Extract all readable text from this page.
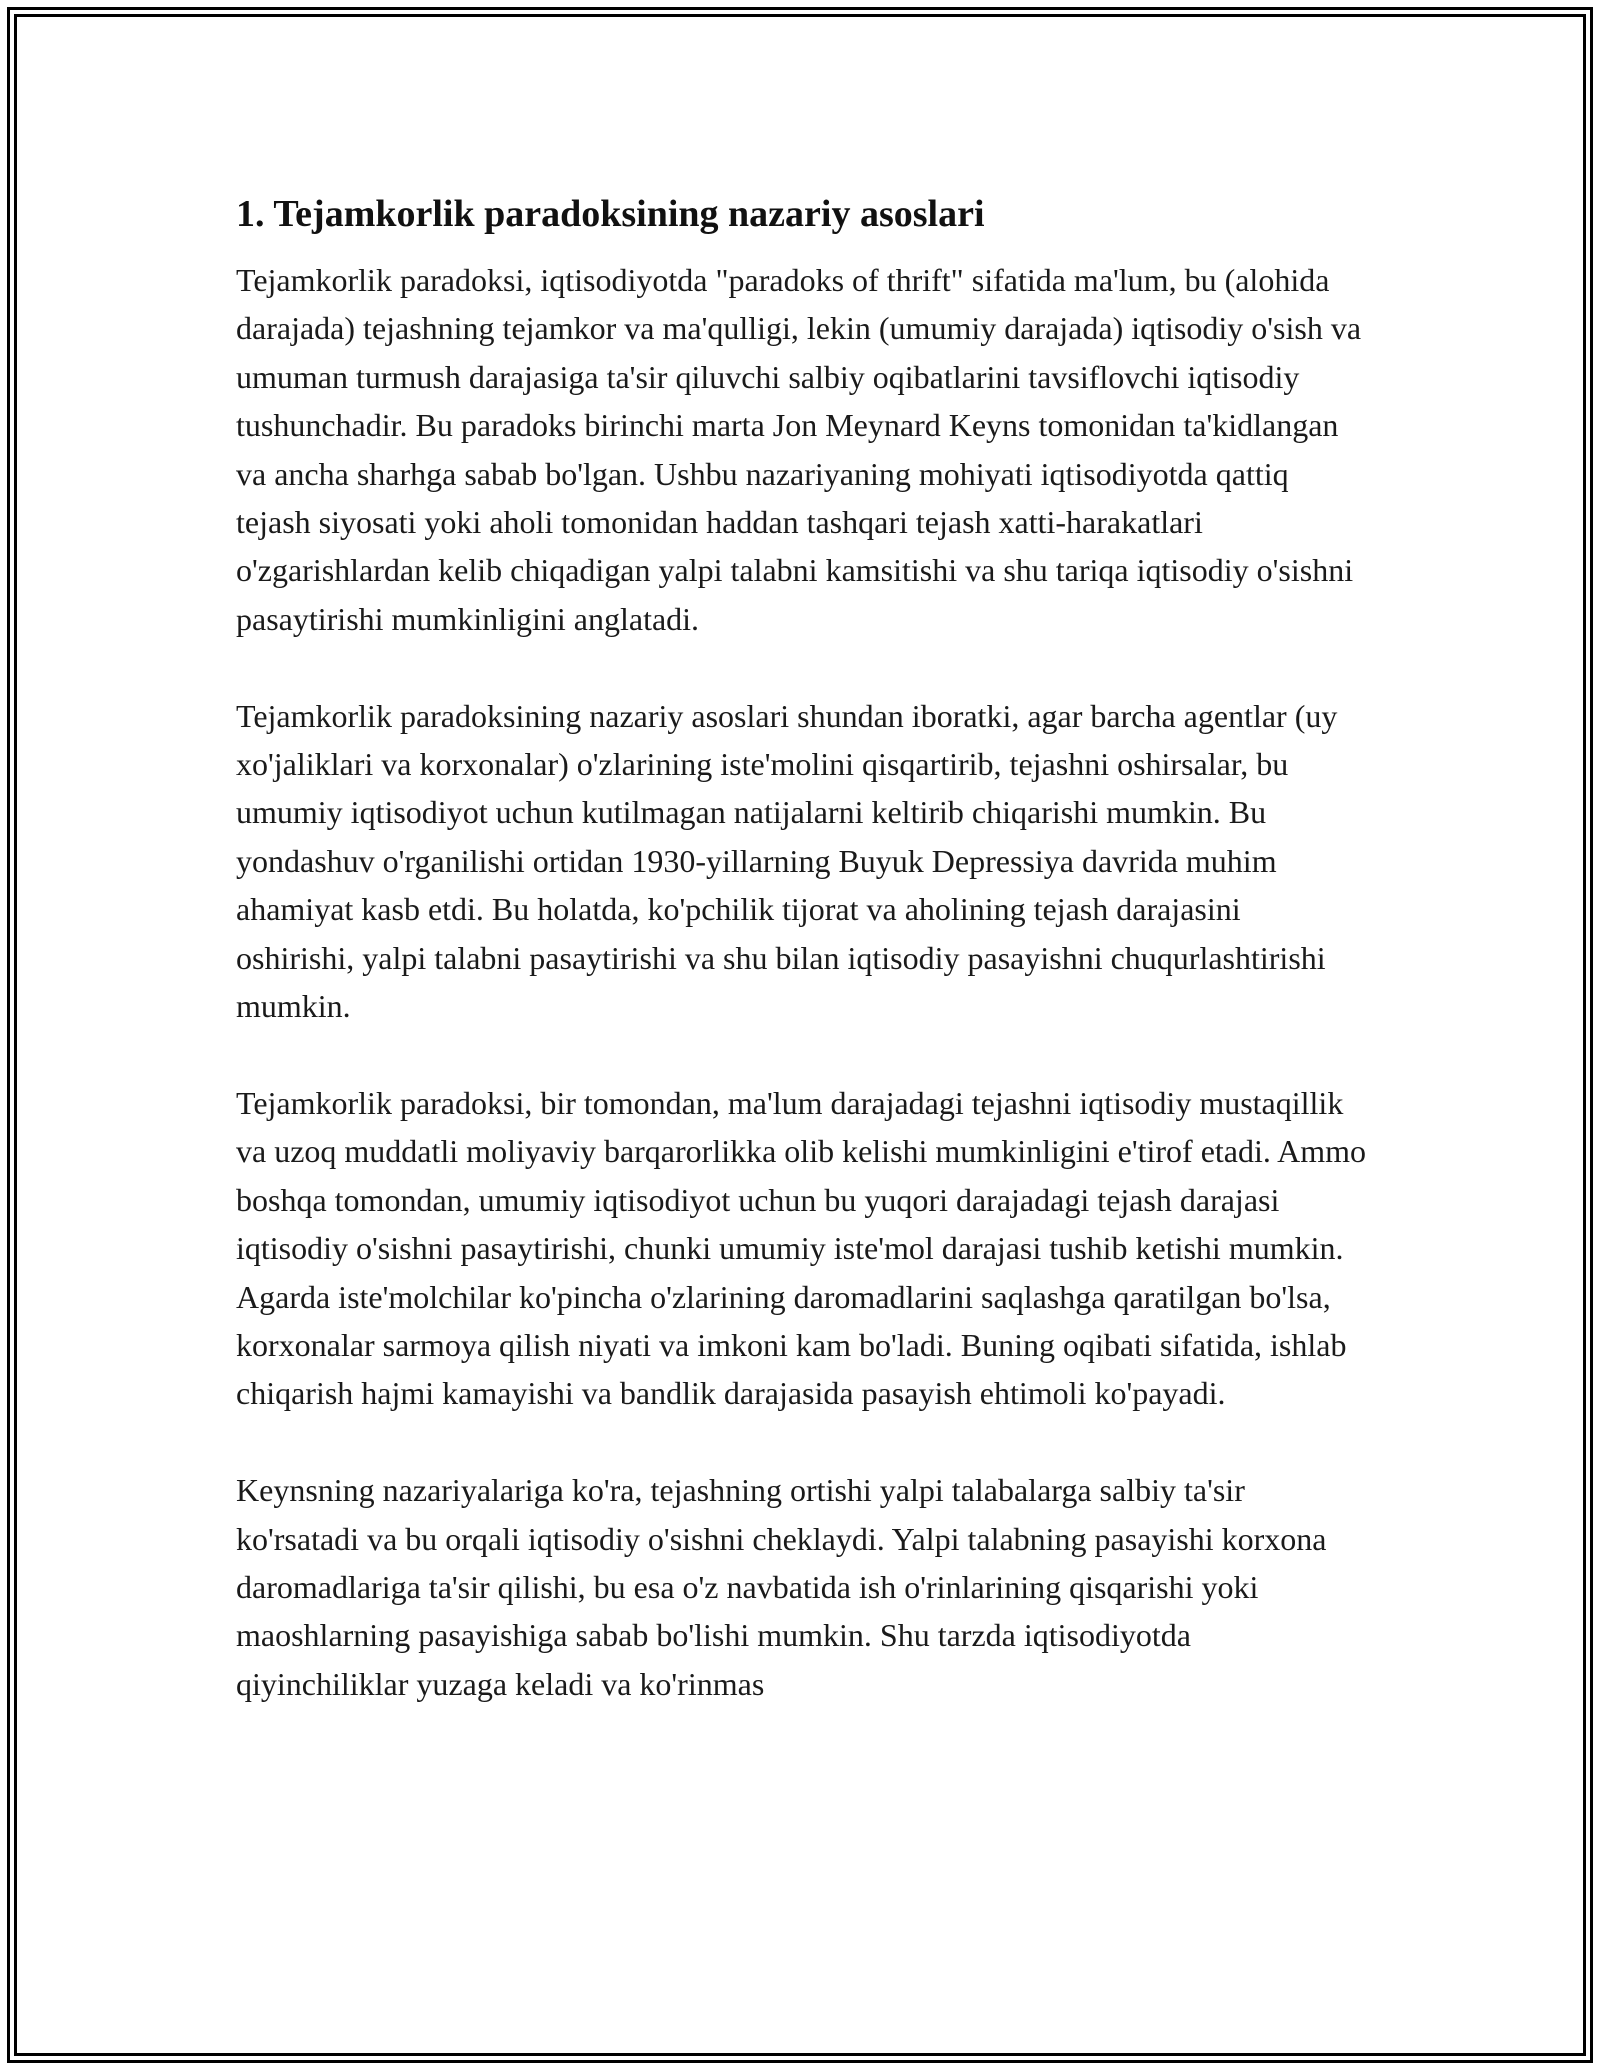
1. Tejamkorlik paradoksining nazariy asoslari

Tejamkorlik paradoksi, iqtisodiyotda "paradoks of thrift" sifatida ma'lum, bu (alohida darajada) tejashning tejamkor va ma'qulligi, lekin (umumiy darajada) iqtisodiy o'sish va umuman turmush darajasiga ta'sir qiluvchi salbiy oqibatlarini tavsiflovchi iqtisodiy tushunchadir. Bu paradoks birinchi marta Jon Meynard Keyns tomonidan ta'kidlangan va ancha sharhga sabab bo'lgan. Ushbu nazariyaning mohiyati iqtisodiyotda qattiq tejash siyosati yoki aholi tomonidan haddan tashqari tejash xatti-harakatlari o'zgarishlardan kelib chiqadigan yalpi talabni kamsitishi va shu tariqa iqtisodiy o'sishni pasaytirishi mumkinligini anglatadi.

Tejamkorlik paradoksining nazariy asoslari shundan iboratki, agar barcha agentlar (uy xo'jaliklari va korxonalar) o'zlarining iste'molini qisqartirib, tejashni oshirsalar, bu umumiy iqtisodiyot uchun kutilmagan natijalarni keltirib chiqarishi mumkin. Bu yondashuv o'rganilishi ortidan 1930-yillarning Buyuk Depressiya davrida muhim ahamiyat kasb etdi. Bu holatda, ko'pchilik tijorat va aholining tejash darajasini oshirishi, yalpi talabni pasaytirishi va shu bilan iqtisodiy pasayishni chuqurlashtirishi mumkin.

Tejamkorlik paradoksi, bir tomondan, ma'lum darajadagi tejashni iqtisodiy mustaqillik va uzoq muddatli moliyaviy barqarorlikka olib kelishi mumkinligini e'tirof etadi. Ammo boshqa tomondan, umumiy iqtisodiyot uchun bu yuqori darajadagi tejash darajasi iqtisodiy o'sishni pasaytirishi, chunki umumiy iste'mol darajasi tushib ketishi mumkin. Agarda iste'molchilar ko'pincha o'zlarining daromadlarini saqlashga qaratilgan bo'lsa, korxonalar sarmoya qilish niyati va imkoni kam bo'ladi. Buning oqibati sifatida, ishlab chiqarish hajmi kamayishi va bandlik darajasida pasayish ehtimoli ko'payadi.

Keynsning nazariyalariga ko'ra, tejashning ortishi yalpi talabalarga salbiy ta'sir ko'rsatadi va bu orqali iqtisodiy o'sishni cheklaydi. Yalpi talabning pasayishi korxona daromadlariga ta'sir qilishi, bu esa o'z navbatida ish o'rinlarining qisqarishi yoki maoshlarning pasayishiga sabab bo'lishi mumkin. Shu tarzda iqtisodiyotda qiyinchiliklar yuzaga keladi va ko'rinmas
